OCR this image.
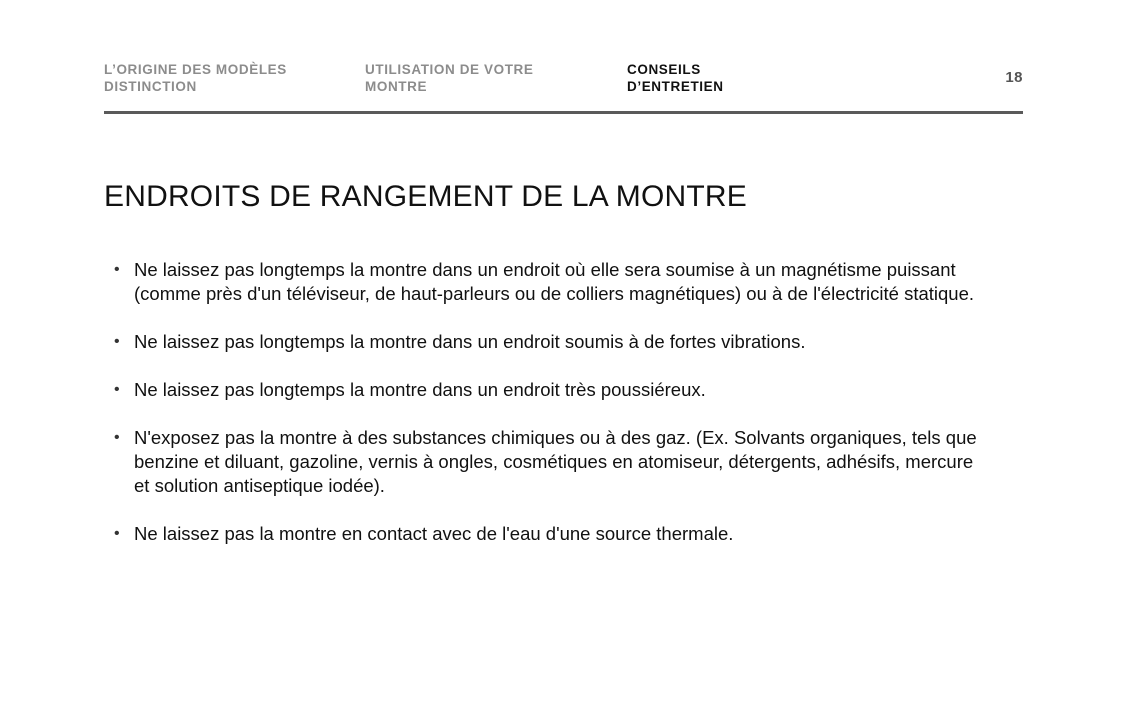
L’ORIGINE DES MODÈLES
DISTINCTION
UTILISATION DE VOTRE
MONTRE
CONSEILS
D’ENTRETIEN
18
ENDROITS DE RANGEMENT DE LA MONTRE
• Ne laissez pas longtemps la montre dans un endroit où elle sera soumise à un magnétisme puissant (comme près d'un téléviseur, de haut-parleurs ou de colliers magnétiques) ou à de l'électricité statique.
• Ne laissez pas longtemps la montre dans un endroit soumis à de fortes vibrations.
• Ne laissez pas longtemps la montre dans un endroit très poussiéreux.
• N'exposez pas la montre à des substances chimiques ou à des gaz. (Ex. Solvants organiques, tels que benzine et diluant, gazoline, vernis à ongles, cosmétiques en atomiseur, détergents, adhésifs, mercure et solution antiseptique iodée).
• Ne laissez pas la montre en contact avec de l'eau d'une source thermale.
